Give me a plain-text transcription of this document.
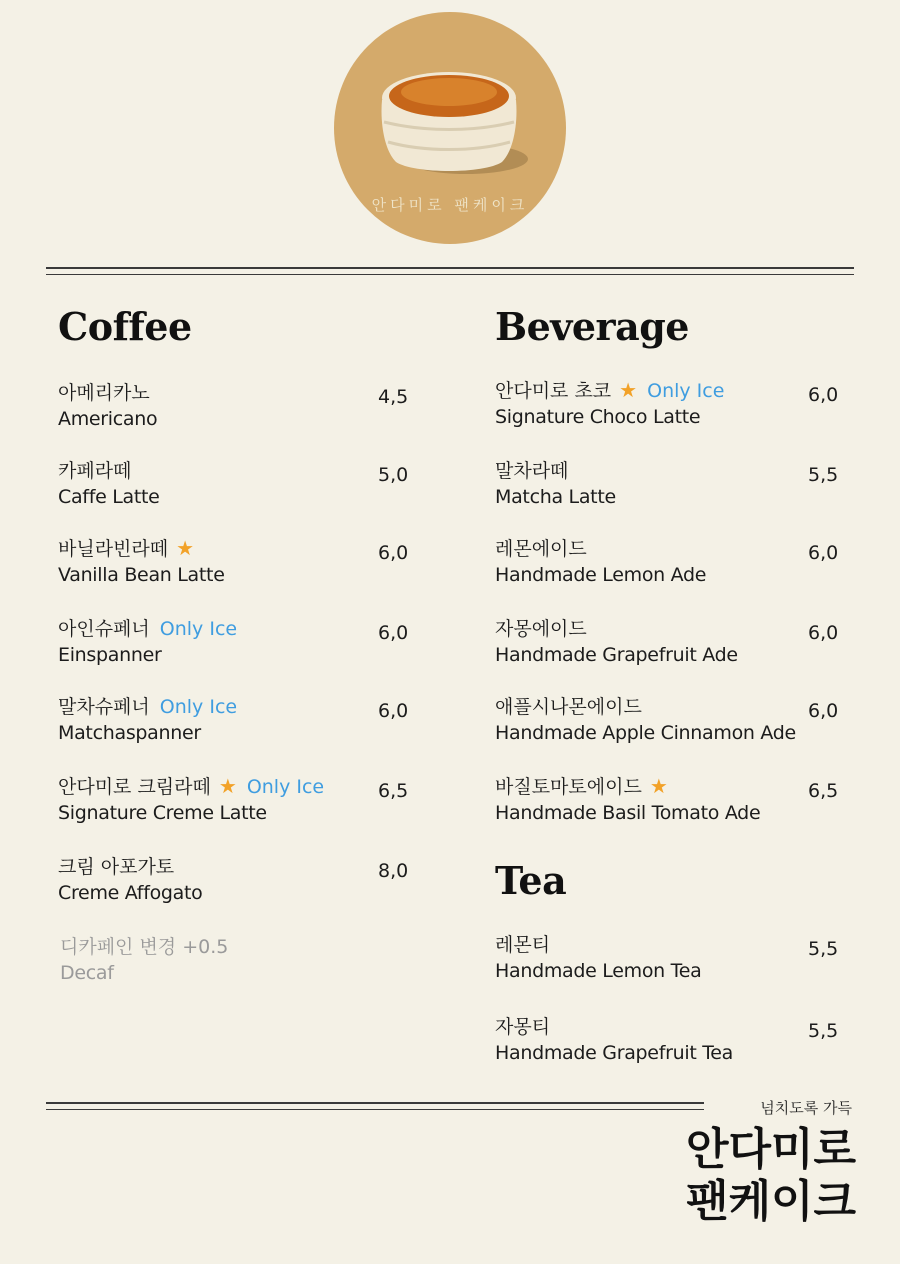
안다미로 팬케이크
Coffee
아메리카노
Americano
4,5
카페라떼
Caffe Latte
5,0
바닐라빈라떼 ★
Vanilla Bean Latte
6,0
아인슈페너 Only Ice
Einspanner
6,0
말차슈페너 Only Ice
Matchaspanner
6,0
안다미로 크림라떼 ★ Only Ice
Signature Creme Latte
6,5
크림 아포가토
Creme Affogato
8,0
디카페인 변경 +0.5
Decaf
Beverage
안다미로 초코 ★ Only Ice
Signature Choco Latte
6,0
말차라떼
Matcha Latte
5,5
레몬에이드
Handmade Lemon Ade
6,0
자몽에이드
Handmade Grapefruit Ade
6,0
애플시나몬에이드
Handmade Apple Cinnamon Ade
6,0
바질토마토에이드 ★
Handmade Basil Tomato Ade
6,5
Tea
레몬티
Handmade Lemon Tea
5,5
자몽티
Handmade Grapefruit Tea
5,5
넘치도록 가득
안다미로
팬케이크
